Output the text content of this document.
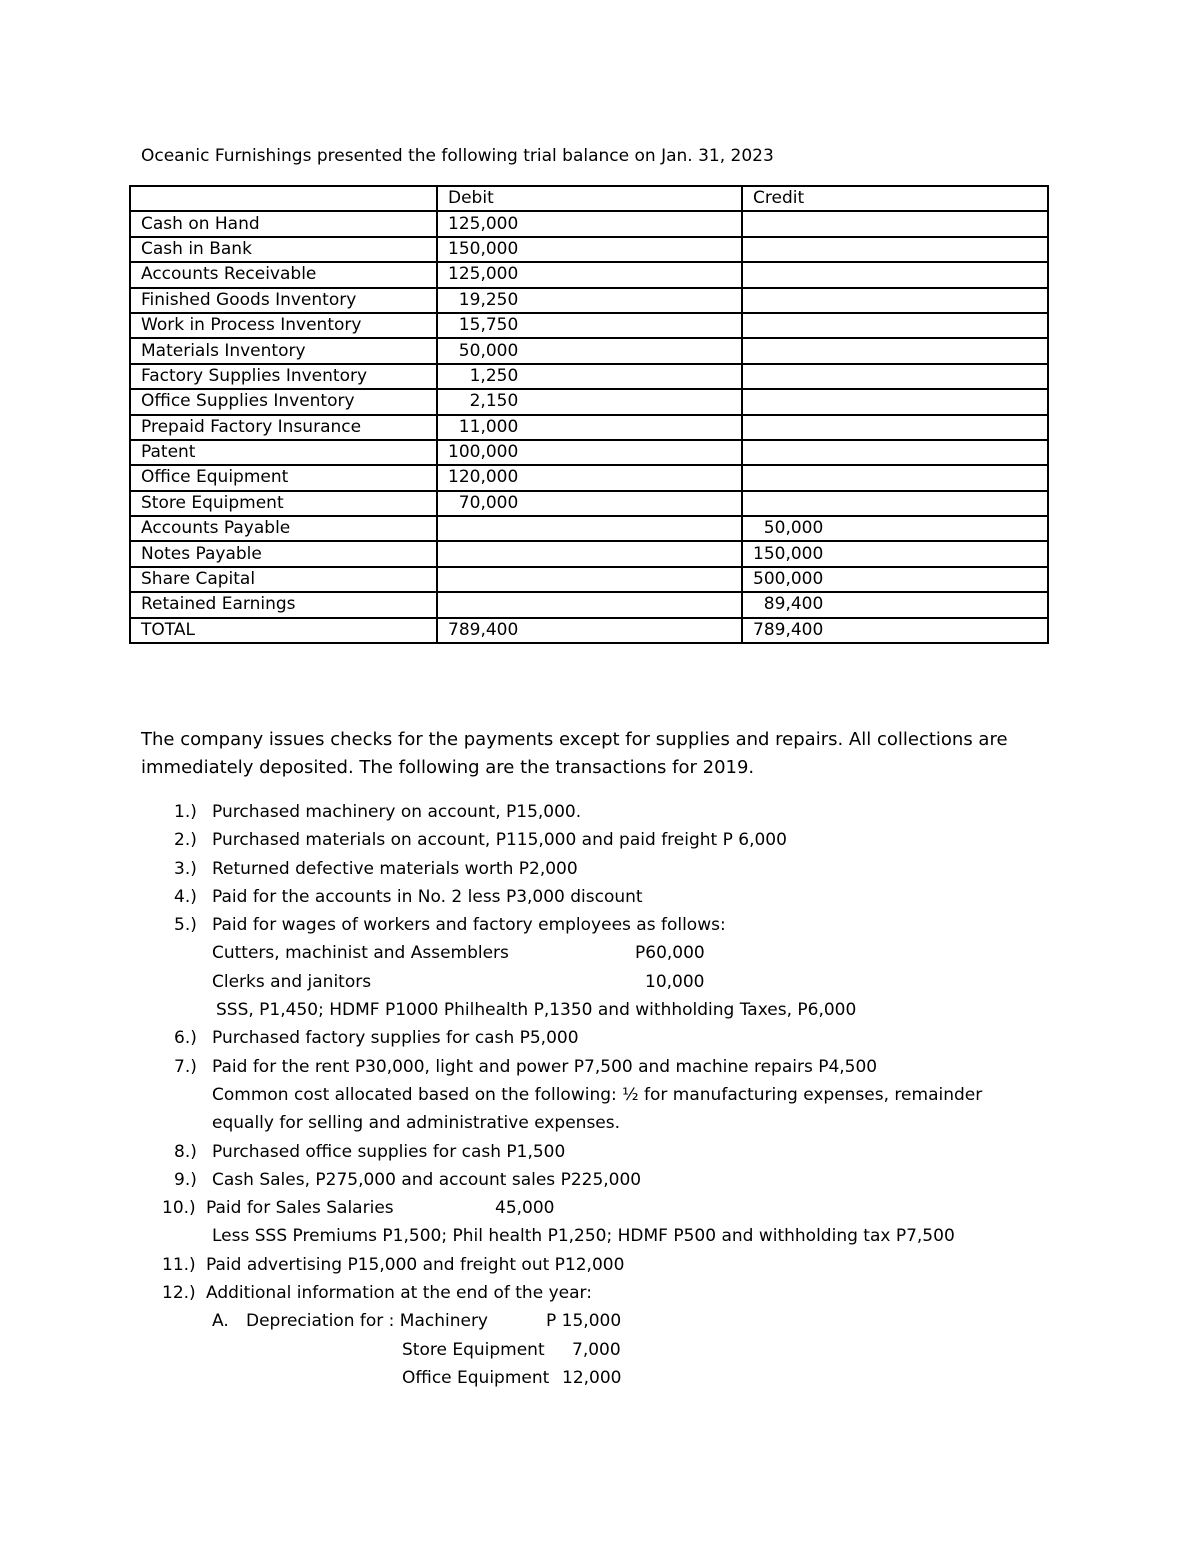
Oceanic Furnishings presented the following trial balance on Jan. 31, 2023
	Debit	Credit
Cash on Hand	125,000	
Cash in Bank	150,000	
Accounts Receivable	125,000	
Finished Goods Inventory	19,250	
Work in Process Inventory	15,750	
Materials Inventory	50,000	
Factory Supplies Inventory	1,250	
Office Supplies Inventory	2,150	
Prepaid Factory Insurance	11,000	
Patent	100,000	
Office Equipment	120,000	
Store Equipment	70,000	
Accounts Payable		50,000
Notes Payable		150,000
Share Capital		500,000
Retained Earnings		89,400
TOTAL	789,400	789,400
The company issues checks for the payments except for supplies and repairs. All collections are
immediately deposited. The following are the transactions for 2019.
1.) Purchased machinery on account, P15,000.
2.) Purchased materials on account, P115,000 and paid freight P 6,000
3.) Returned defective materials worth P2,000
4.) Paid for the accounts in No. 2 less P3,000 discount
5.) Paid for wages of workers and factory employees as follows:
Cutters, machinist and Assemblers	P60,000
Clerks and janitors	10,000
SSS, P1,450; HDMF P1000 Philhealth P,1350 and withholding Taxes, P6,000
6.) Purchased factory supplies for cash P5,000
7.) Paid for the rent P30,000, light and power P7,500 and machine repairs P4,500
Common cost allocated based on the following: ½ for manufacturing expenses, remainder
equally for selling and administrative expenses.
8.) Purchased office supplies for cash P1,500
9.) Cash Sales, P275,000 and account sales P225,000
10.) Paid for Sales Salaries	45,000
Less SSS Premiums P1,500; Phil health P1,250; HDMF P500 and withholding tax P7,500
11.) Paid advertising P15,000 and freight out P12,000
12.) Additional information at the end of the year:
A. Depreciation for : Machinery	P 15,000
Store Equipment 7,000
Office Equipment 12,000
